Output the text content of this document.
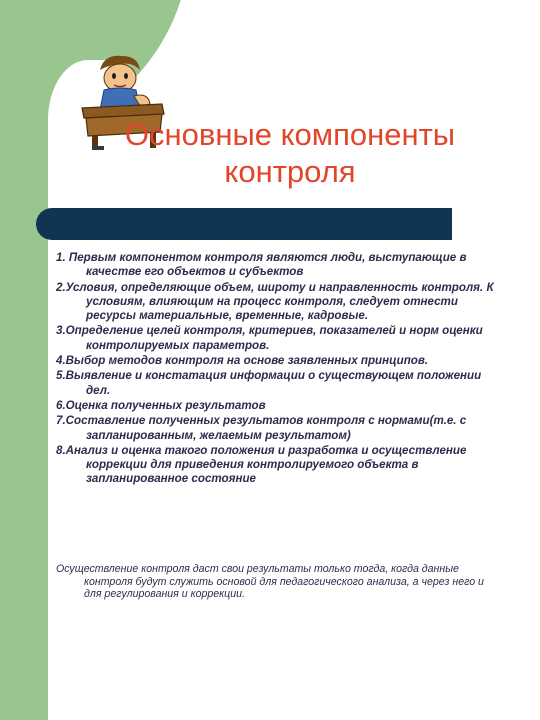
Основные компоненты
контроля
1. Первым компонентом контроля являются люди, выступающие в качестве его объектов и субъектов
2.Условия, определяющие объем, широту и направленность контроля. К условиям, влияющим на процесс контроля, следует отнести ресурсы материальные, временные, кадровые.
3.Определение целей контроля, критериев, показателей и норм оценки контролируемых параметров.
4.Выбор методов контроля на основе заявленных принципов.
5.Выявление и констатация информации о существующем положении дел.
6.Оценка полученных результатов
7.Составление полученных результатов контроля с нормами(т.е. с запланированным, желаемым результатом)
8.Анализ и оценка такого положения и разработка и осуществление коррекции для приведения контролируемого объекта в запланированное состояние
Осуществление контроля даст свои результаты только тогда, когда данные контроля будут служить основой для педагогического анализа, а через него и для регулирования и коррекции.
